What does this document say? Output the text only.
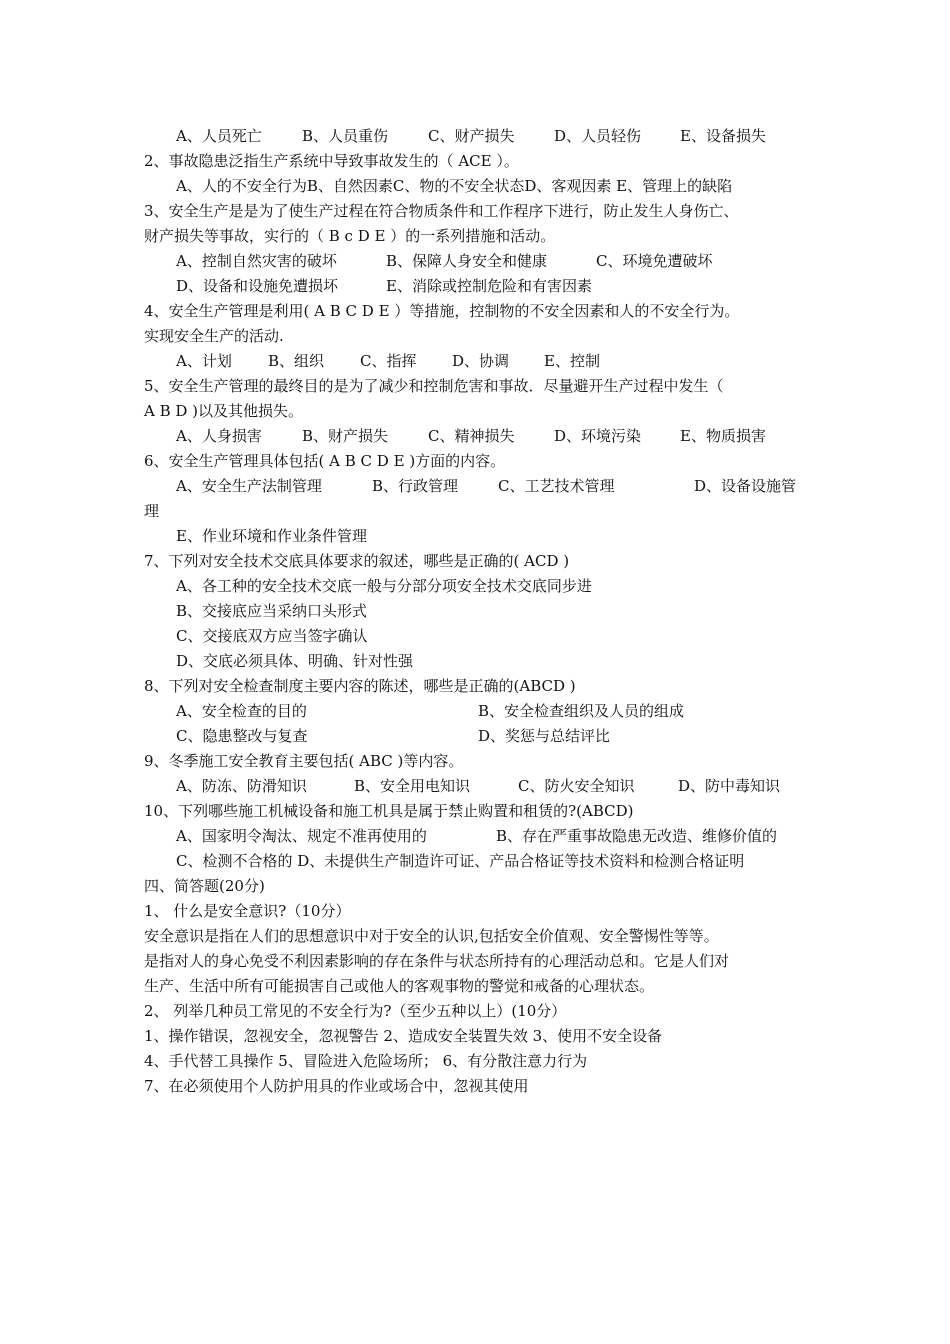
A、人员死亡	B、人员重伤	C、财产损失	D、人员轻伤	E、设备损失
2、事故隐患泛指生产系统中导致事故发生的（ ACE ）。
A、人的不安全行为B、自然因素C、物的不安全状态D、客观因素 E、管理上的缺陷
3、安全生产是是为了使生产过程在符合物质条件和工作程序下进行，防止发生人身伤亡、
财产损失等事故，实行的（ B c D E ）的一系列措施和活动。
A、控制自然灾害的破坏	B、保障人身安全和健康	C、环境免遭破坏
D、设备和设施免遭损坏	E、消除或控制危险和有害因素
4、安全生产管理是利用( A B C D E ）等措施，控制物的不安全因素和人的不安全行为。
实现安全生产的活动.
A、计划 B、组织 C、指挥 D、协调 E、控制
5、安全生产管理的最终目的是为了减少和控制危害和事故．尽量避开生产过程中发生（
A B D )以及其他损失。
A、人身损害	B、财产损失	C、精神损失	D、环境污染	E、物质损害
6、安全生产管理具体包括( A B C D E )方面的内容。
A、安全生产法制管理	B、行政管理	C、工艺技术管理	D、设备设施管
理
E、作业环境和作业条件管理
7、下列对安全技术交底具体要求的叙述，哪些是正确的( ACD )
A、各工种的安全技术交底一般与分部分项安全技术交底同步进
B、交接底应当采纳口头形式
C、交接底双方应当签字确认
D、交底必须具体、明确、针对性强
8、下列对安全检查制度主要内容的陈述，哪些是正确的(ABCD )
A、安全检查的目的	B、安全检查组织及人员的组成
C、隐患整改与复查	D、奖惩与总结评比
9、冬季施工安全教育主要包括( ABC )等内容。
A、防冻、防滑知识	B、安全用电知识	C、防火安全知识	D、防中毒知识
10、下列哪些施工机械设备和施工机具是属于禁止购置和租赁的?(ABCD)
A、国家明令淘汰、规定不准再使用的	B、存在严重事故隐患无改造、维修价值的
C、检测不合格的 D、未提供生产制造许可证、产品合格证等技术资料和检测合格证明
四、简答题(20分)
1、 什么是安全意识?（10分）
安全意识是指在人们的思想意识中对于安全的认识,包括安全价值观、安全警惕性等等。
是指对人的身心免受不利因素影响的存在条件与状态所持有的心理活动总和。它是人们对
生产、生活中所有可能损害自己或他人的客观事物的警觉和戒备的心理状态。
2、 列举几种员工常见的不安全行为?（至少五种以上）(10分）
1、操作错误，忽视安全，忽视警告 2、造成安全装置失效 3、使用不安全设备
4、手代替工具操作 5、冒险进入危险场所； 6、有分散注意力行为
7、在必须使用个人防护用具的作业或场合中，忽视其使用
